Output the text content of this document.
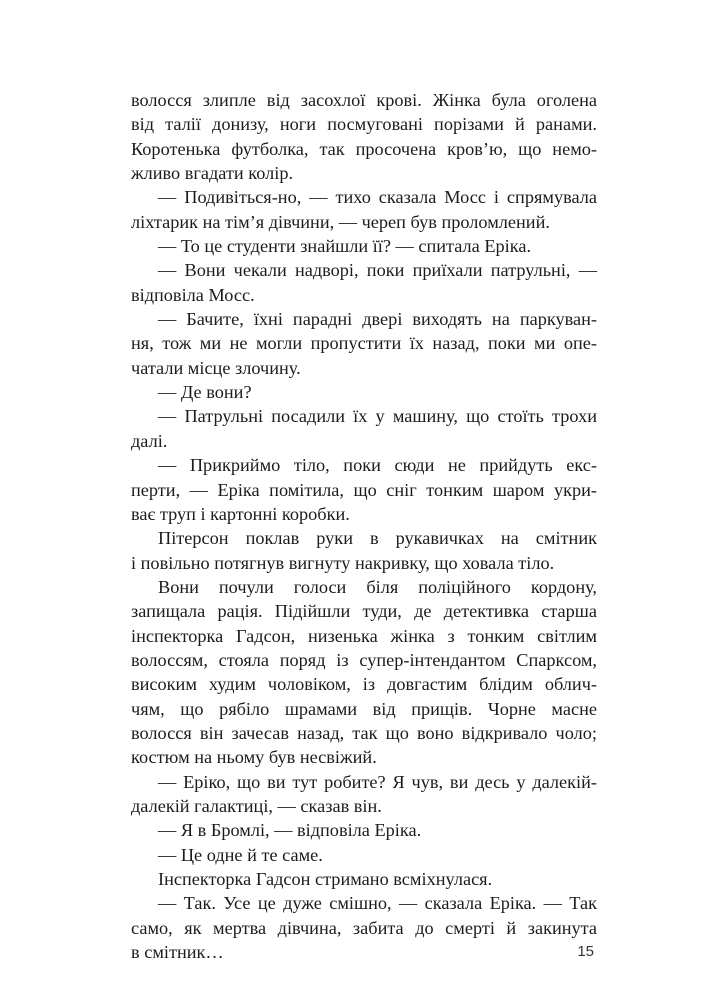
волосся злипле від засохлої крові. Жінка була оголена
від талії донизу, ноги посмуговані порізами й ранами.
Коротенька футболка, так просочена кров’ю, що немо-
жливо вгадати колір.
— Подивіться-но, — тихо сказала Мосс і спрямувала
ліхтарик на тім’я дівчини, — череп був проломлений.
— То це студенти знайшли її? — спитала Еріка.
— Вони чекали надворі, поки приїхали патрульні, —
відповіла Мосс.
— Бачите, їхні парадні двері виходять на паркуван-
ня, тож ми не могли пропустити їх назад, поки ми опе-
чатали місце злочину.
— Де вони?
— Патрульні посадили їх у машину, що стоїть трохи
далі.
— Прикриймо тіло, поки сюди не прийдуть екс-
перти, — Еріка помітила, що сніг тонким шаром укри-
ває труп і картонні коробки.
Пітерсон поклав руки в рукавичках на смітник
і повільно потягнув вигнуту накривку, що ховала тіло.
Вони почули голоси біля поліційного кордону,
запищала рація. Підійшли туди, де детективка старша
інспекторка Гадсон, низенька жінка з тонким світлим
волоссям, стояла поряд із супер-інтендантом Спарксом,
високим худим чоловіком, із довгастим блідим облич-
чям, що рябіло шрамами від прищів. Чорне масне
волосся він зачесав назад, так що воно відкривало чоло;
костюм на ньому був несвіжий.
— Еріко, що ви тут робите? Я чув, ви десь у далекій-
далекій галактиці, — сказав він.
— Я в Бромлі, — відповіла Еріка.
— Це одне й те саме.
Інспекторка Гадсон стримано всміхнулася.
— Так. Усе це дуже смішно, — сказала Еріка. — Так
само, як мертва дівчина, забита до смерті й закинута
в смітник…	15
